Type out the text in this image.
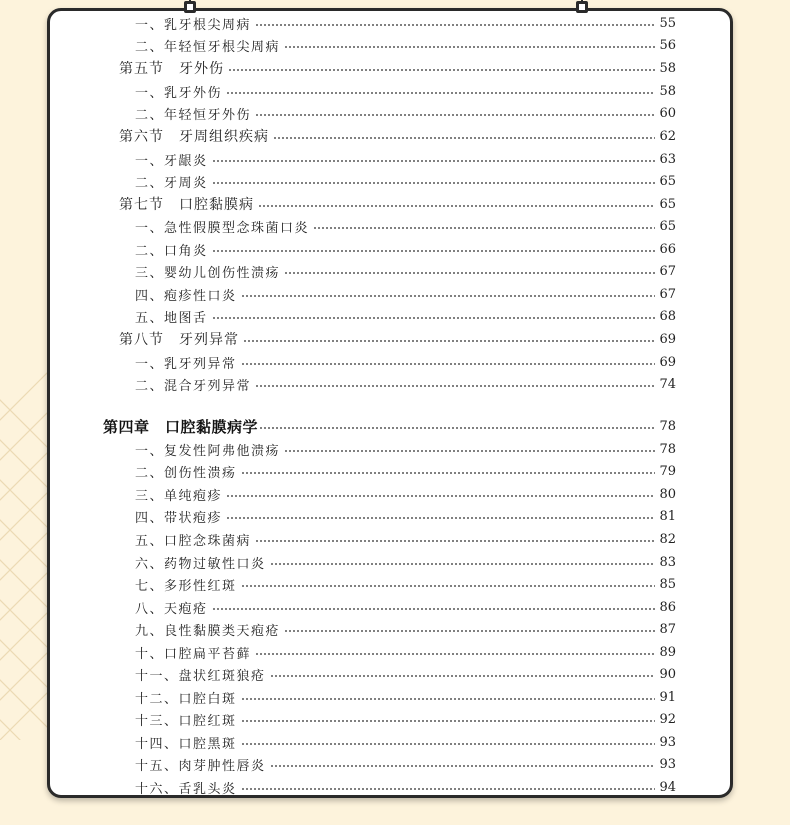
一、乳牙根尖周病	55
二、年轻恒牙根尖周病	56
第五节　牙外伤	58
一、乳牙外伤	58
二、年轻恒牙外伤	60
第六节　牙周组织疾病	62
一、牙龈炎	63
二、牙周炎	65
第七节　口腔黏膜病	65
一、急性假膜型念珠菌口炎	65
二、口角炎	66
三、婴幼儿创伤性溃疡	67
四、疱疹性口炎	67
五、地图舌	68
第八节　牙列异常	69
一、乳牙列异常	69
二、混合牙列异常	74
第四章　口腔黏膜病学	78
一、复发性阿弗他溃疡	78
二、创伤性溃疡	79
三、单纯疱疹	80
四、带状疱疹	81
五、口腔念珠菌病	82
六、药物过敏性口炎	83
七、多形性红斑	85
八、天疱疮	86
九、良性黏膜类天疱疮	87
十、口腔扁平苔藓	89
十一、盘状红斑狼疮	90
十二、口腔白斑	91
十三、口腔红斑	92
十四、口腔黑斑	93
十五、肉芽肿性唇炎	93
十六、舌乳头炎	94
